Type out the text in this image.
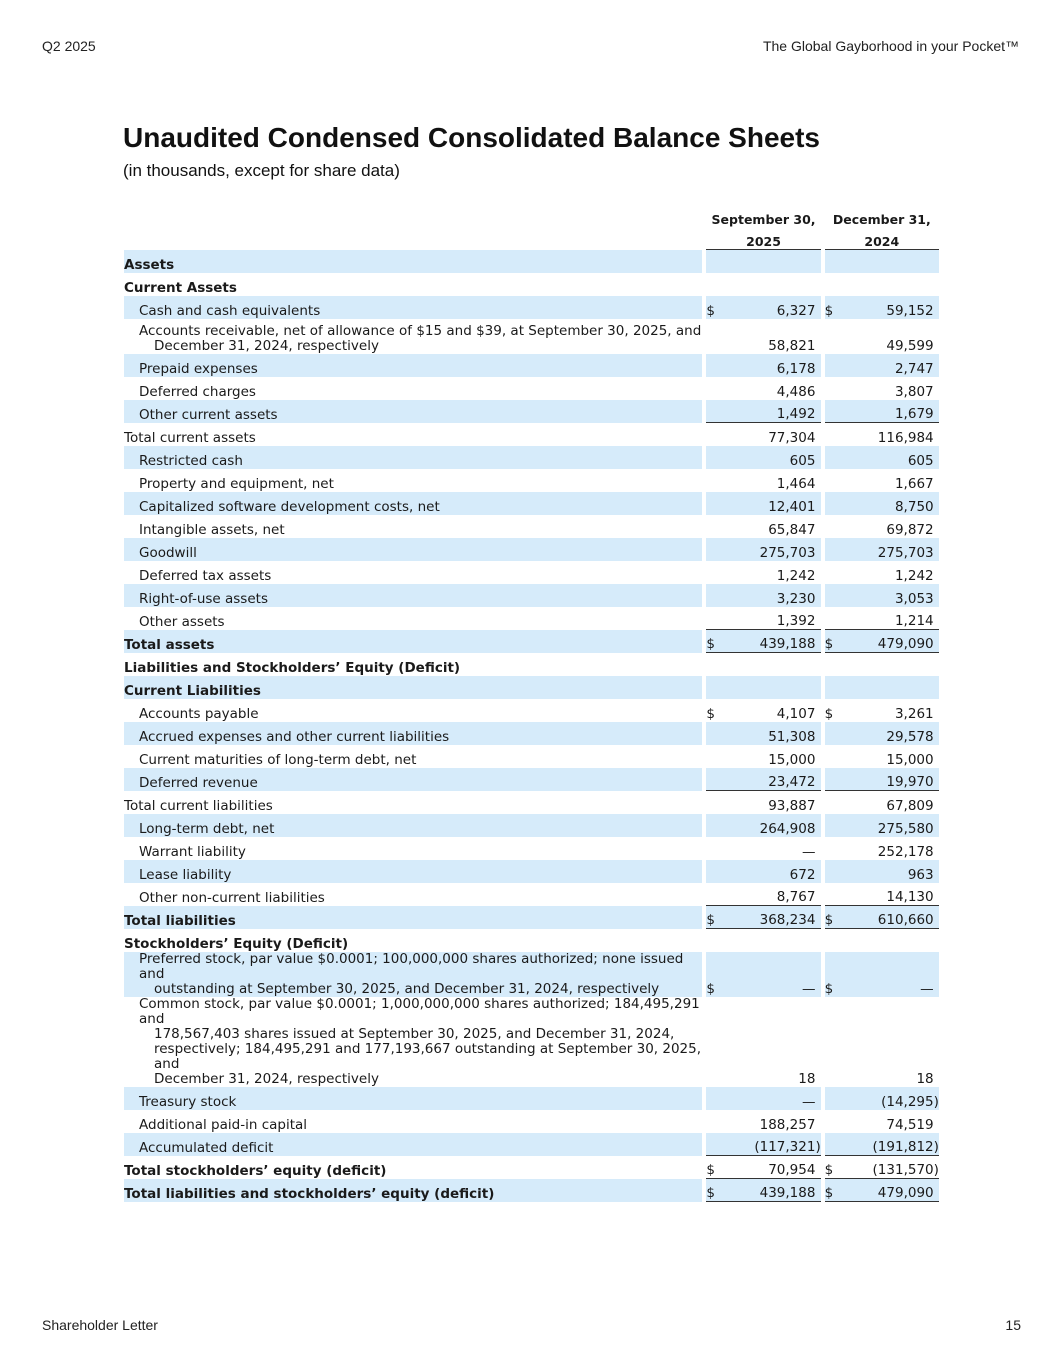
Q2 2025	The Global Gayborhood in your Pocket™
Unaudited Condensed Consolidated Balance Sheets
(in thousands, except for share data)
		September 30,				December 31,		
		2025				2024		
Assets								
Current Assets								
Cash and cash equivalents		$	6,327			$	59,152	
Accounts receivable, net of allowance of $15 and $39, at September 30, 2025, and
December 31, 2024, respectively			58,821				49,599	
Prepaid expenses			6,178				2,747	
Deferred charges			4,486				3,807	
Other current assets			1,492				1,679	
Total current assets			77,304				116,984	
Restricted cash			605				605	
Property and equipment, net			1,464				1,667	
Capitalized software development costs, net			12,401				8,750	
Intangible assets, net			65,847				69,872	
Goodwill			275,703				275,703	
Deferred tax assets			1,242				1,242	
Right-of-use assets			3,230				3,053	
Other assets			1,392				1,214	
Total assets		$	439,188			$	479,090	
Liabilities and Stockholders’ Equity (Deficit)								
Current Liabilities								
Accounts payable		$	4,107			$	3,261	
Accrued expenses and other current liabilities			51,308				29,578	
Current maturities of long-term debt, net			15,000				15,000	
Deferred revenue			23,472				19,970	
Total current liabilities			93,887				67,809	
Long-term debt, net			264,908				275,580	
Warrant liability			—				252,178	
Lease liability			672				963	
Other non-current liabilities			8,767				14,130	
Total liabilities		$	368,234			$	610,660	
Stockholders’ Equity (Deficit)								
Preferred stock, par value $0.0001; 100,000,000 shares authorized; none issued and
outstanding at September 30, 2025, and December 31, 2024, respectively		$	—			$	—	
Common stock, par value $0.0001; 1,000,000,000 shares authorized; 184,495,291 and
178,567,403 shares issued at September 30, 2025, and December 31, 2024,
respectively; 184,495,291 and 177,193,667 outstanding at September 30, 2025, and
December 31, 2024, respectively			18				18	
Treasury stock			—				(14,295	)
Additional paid-in capital			188,257				74,519	
Accumulated deficit			(117,321	)			(191,812	)
Total stockholders’ equity (deficit)		$	70,954			$	(131,570	)
Total liabilities and stockholders’ equity (deficit)		$	439,188			$	479,090	
Shareholder Letter	15
